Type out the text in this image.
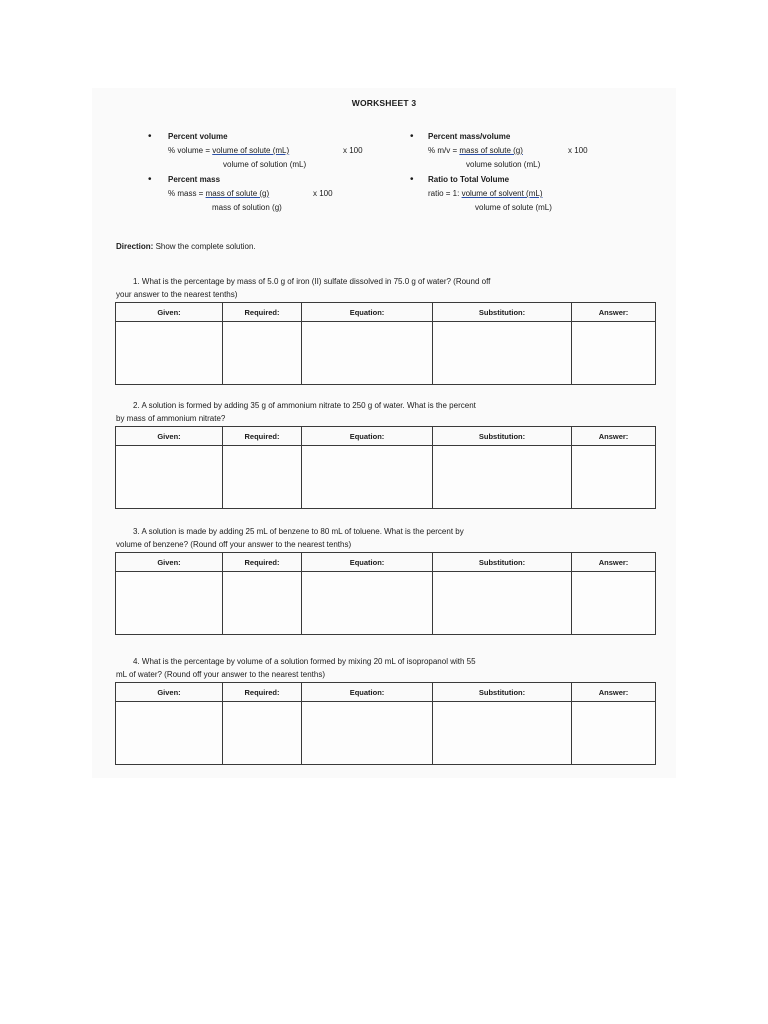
WORKSHEET 3
• Percent volume
% volume = volume of solute (mL)	x 100
volume of solution (mL)
• Percent mass
% mass = mass of solute (g)	x 100
mass of solution (g)
• Percent mass/volume
% m/v = mass of solute (g)	x 100
volume solution (mL)
• Ratio to Total Volume
ratio = 1: volume of solvent (mL)
volume of solute (mL)
Direction: Show the complete solution.
1. What is the percentage by mass of 5.0 g of iron (II) sulfate dissolved in 75.0 g of water? (Round off
your answer to the nearest tenths)
Given:	Required:	Equation:	Substitution:	Answer:

2. A solution is formed by adding 35 g of ammonium nitrate to 250 g of water. What is the percent
by mass of ammonium nitrate?
Given:	Required:	Equation:	Substitution:	Answer:

3. A solution is made by adding 25 mL of benzene to 80 mL of toluene. What is the percent by
volume of benzene? (Round off your answer to the nearest tenths)
Given:	Required:	Equation:	Substitution:	Answer:

4. What is the percentage by volume of a solution formed by mixing 20 mL of isopropanol with 55
mL of water? (Round off your answer to the nearest tenths)
Given:	Required:	Equation:	Substitution:	Answer:
